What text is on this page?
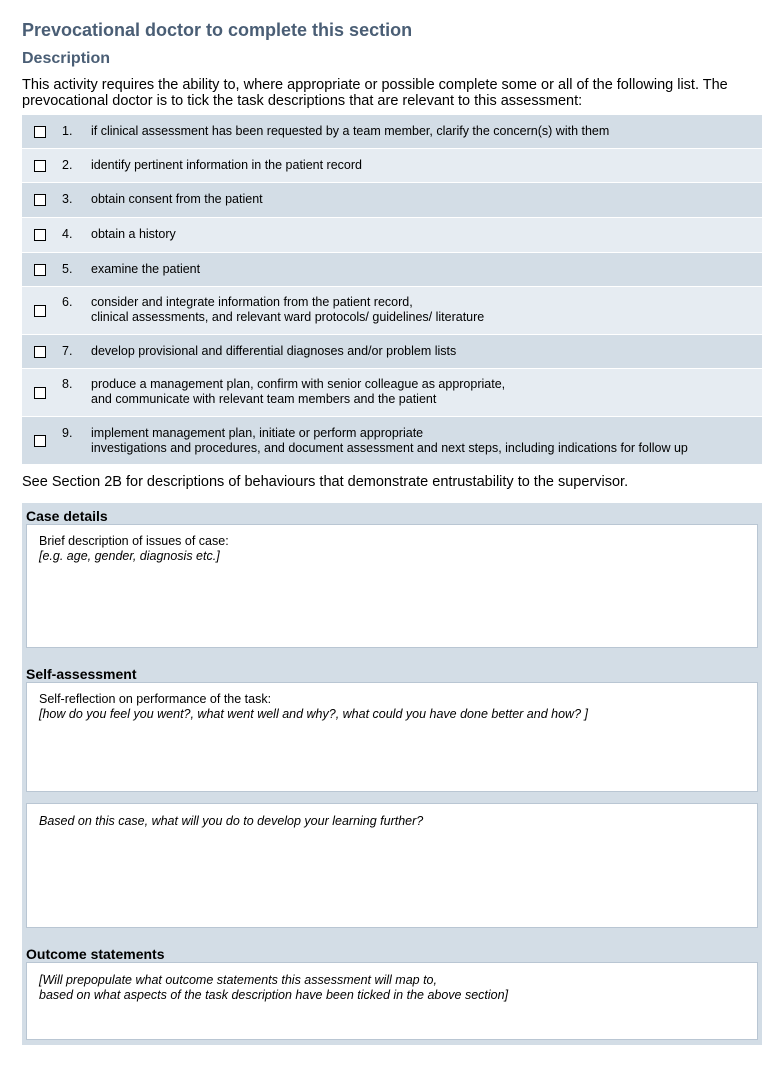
Prevocational doctor to complete this section
Description
This activity requires the ability to, where appropriate or possible complete some or all of the following list. The prevocational doctor is to tick the task descriptions that are relevant to this assessment:
1. if clinical assessment has been requested by a team member, clarify the concern(s) with them
2. identify pertinent information in the patient record
3. obtain consent from the patient
4. obtain a history
5. examine the patient
6. consider and integrate information from the patient record,
clinical assessments, and relevant ward protocols/ guidelines/ literature
7. develop provisional and differential diagnoses and/or problem lists
8. produce a management plan, confirm with senior colleague as appropriate,
and communicate with relevant team members and the patient
9. implement management plan, initiate or perform appropriate
investigations and procedures, and document assessment and next steps, including indications for follow up
See Section 2B for descriptions of behaviours that demonstrate entrustability to the supervisor.
Case details
Brief description of issues of case:
[e.g. age, gender, diagnosis etc.]
Self-assessment
Self-reflection on performance of the task:
[how do you feel you went?, what went well and why?, what could you have done better and how? ]
Based on this case, what will you do to develop your learning further?
Outcome statements
[Will prepopulate what outcome statements this assessment will map to,
based on what aspects of the task description have been ticked in the above section]
